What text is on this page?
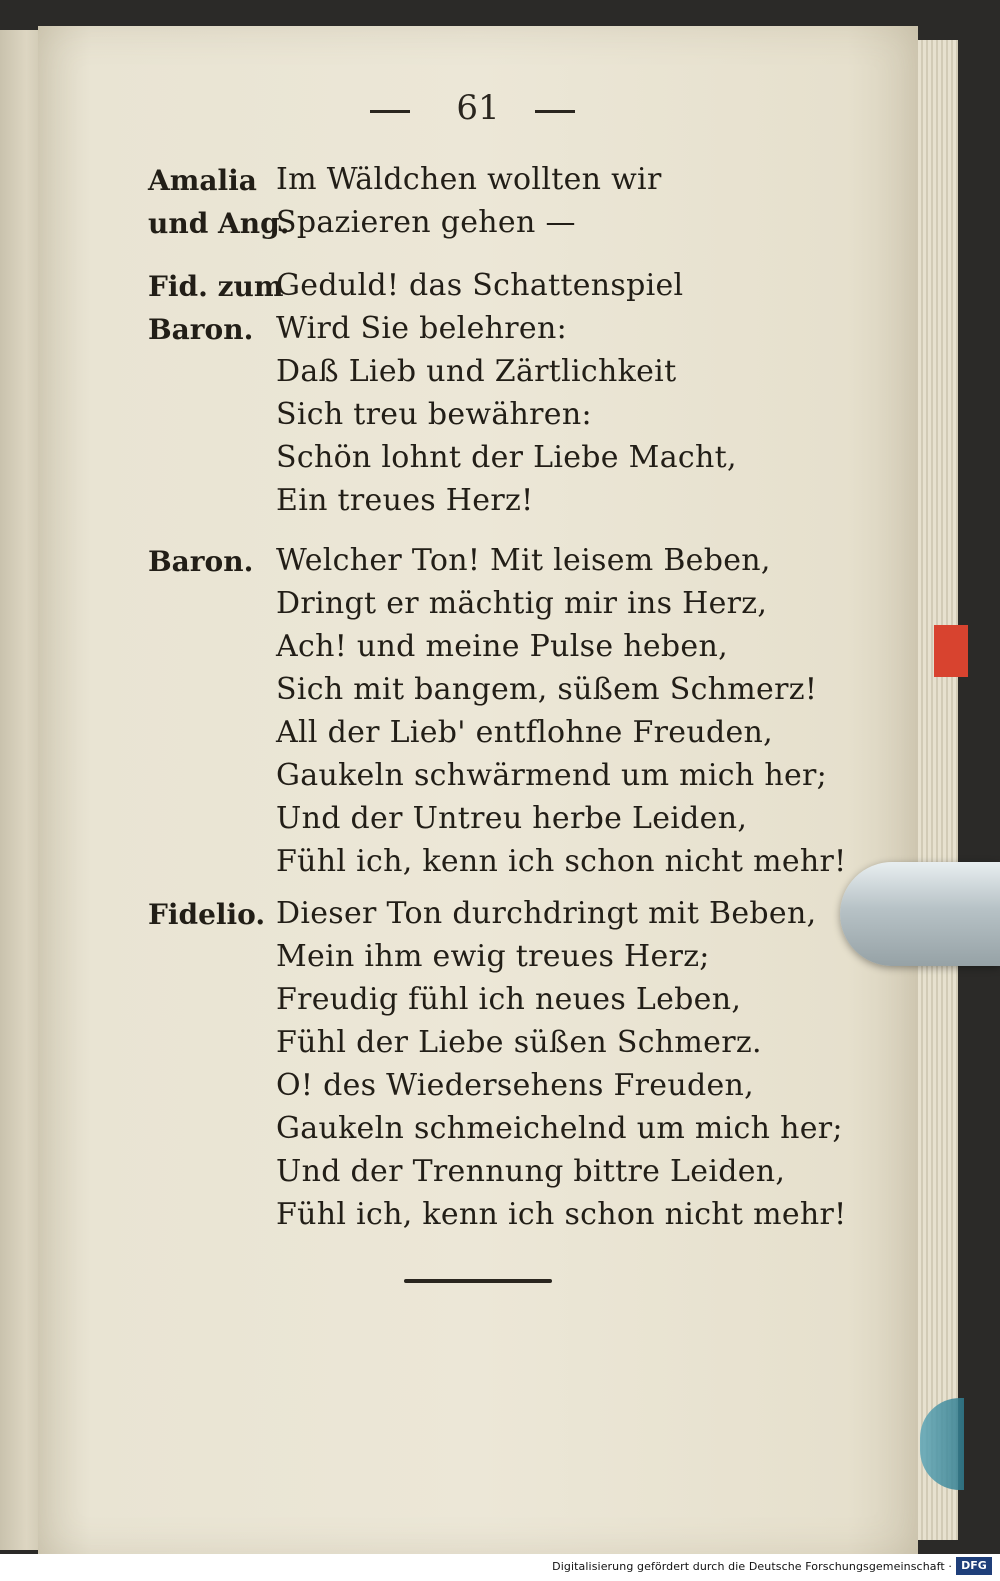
61
Amalia
und Ang.
Im Wäldchen wollten wir
Spazieren gehen —
Fid. zum
Baron.
Geduld! das Schattenspiel
Wird Sie belehren:
Daß Lieb und Zärtlichkeit
Sich treu bewähren:
Schön lohnt der Liebe Macht,
Ein treues Herz!
Baron. Welcher Ton! Mit leisem Beben,
Dringt er mächtig mir ins Herz,
Ach! und meine Pulse heben,
Sich mit bangem, süßem Schmerz!
All der Lieb' entflohne Freuden,
Gaukeln schwärmend um mich her;
Und der Untreu herbe Leiden,
Fühl ich, kenn ich schon nicht mehr!
Fidelio. Dieser Ton durchdringt mit Beben,
Mein ihm ewig treues Herz;
Freudig fühl ich neues Leben,
Fühl der Liebe süßen Schmerz.
O! des Wiedersehens Freuden,
Gaukeln schmeichelnd um mich her;
Und der Trennung bittre Leiden,
Fühl ich, kenn ich schon nicht mehr!
Digitalisierung gefördert durch die Deutsche Forschungsgemeinschaft · DFG
